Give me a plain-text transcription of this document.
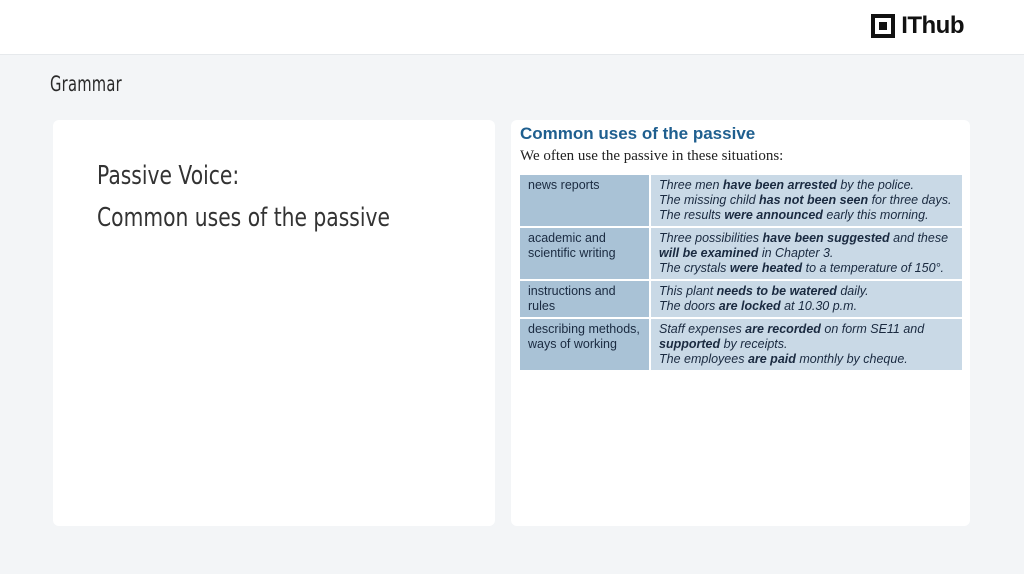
IThub
Grammar
Passive Voice:
Common uses of the passive
Common uses of the passive
We often use the passive in these situations:
news reports	Three men have been arrested by the police.
The missing child has not been seen for three days.
The results were announced early this morning.
academic and scientific writing
Three possibilities have been suggested and these
will be examined in Chapter 3.
The crystals were heated to a temperature of 150°.
instructions and rules
This plant needs to be watered daily.
The doors are locked at 10.30 p.m.
describing methods, ways of working
Staff expenses are recorded on form SE11 and
supported by receipts.
The employees are paid monthly by cheque.
